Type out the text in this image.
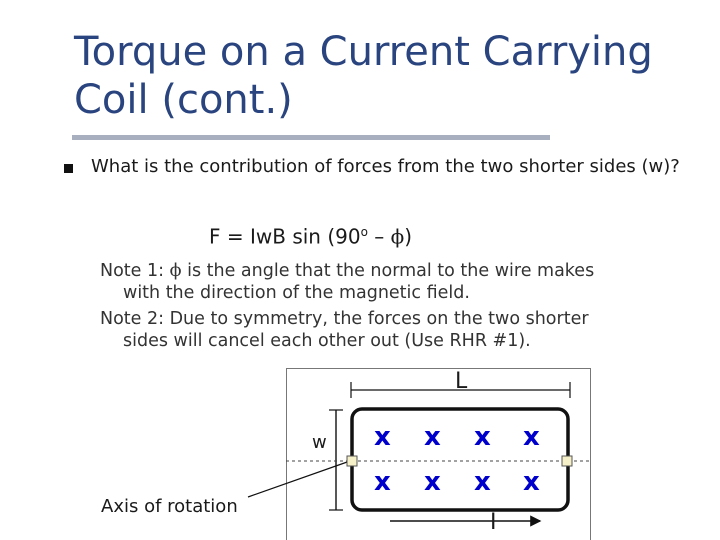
Torque on a Current Carrying Coil (cont.)
What is the contribution of forces from the two shorter sides (w)?
F = IwB sin (90$^o$ – ϕ)
Note 1: ϕ is the angle that the normal to the wire makes
with the direction of the magnetic field.
Note 2: Due to symmetry, the forces on the two shorter
sides will cancel each other out (Use RHR #1).
x x x x
x x x x
Axis of rotation
L
w
I
